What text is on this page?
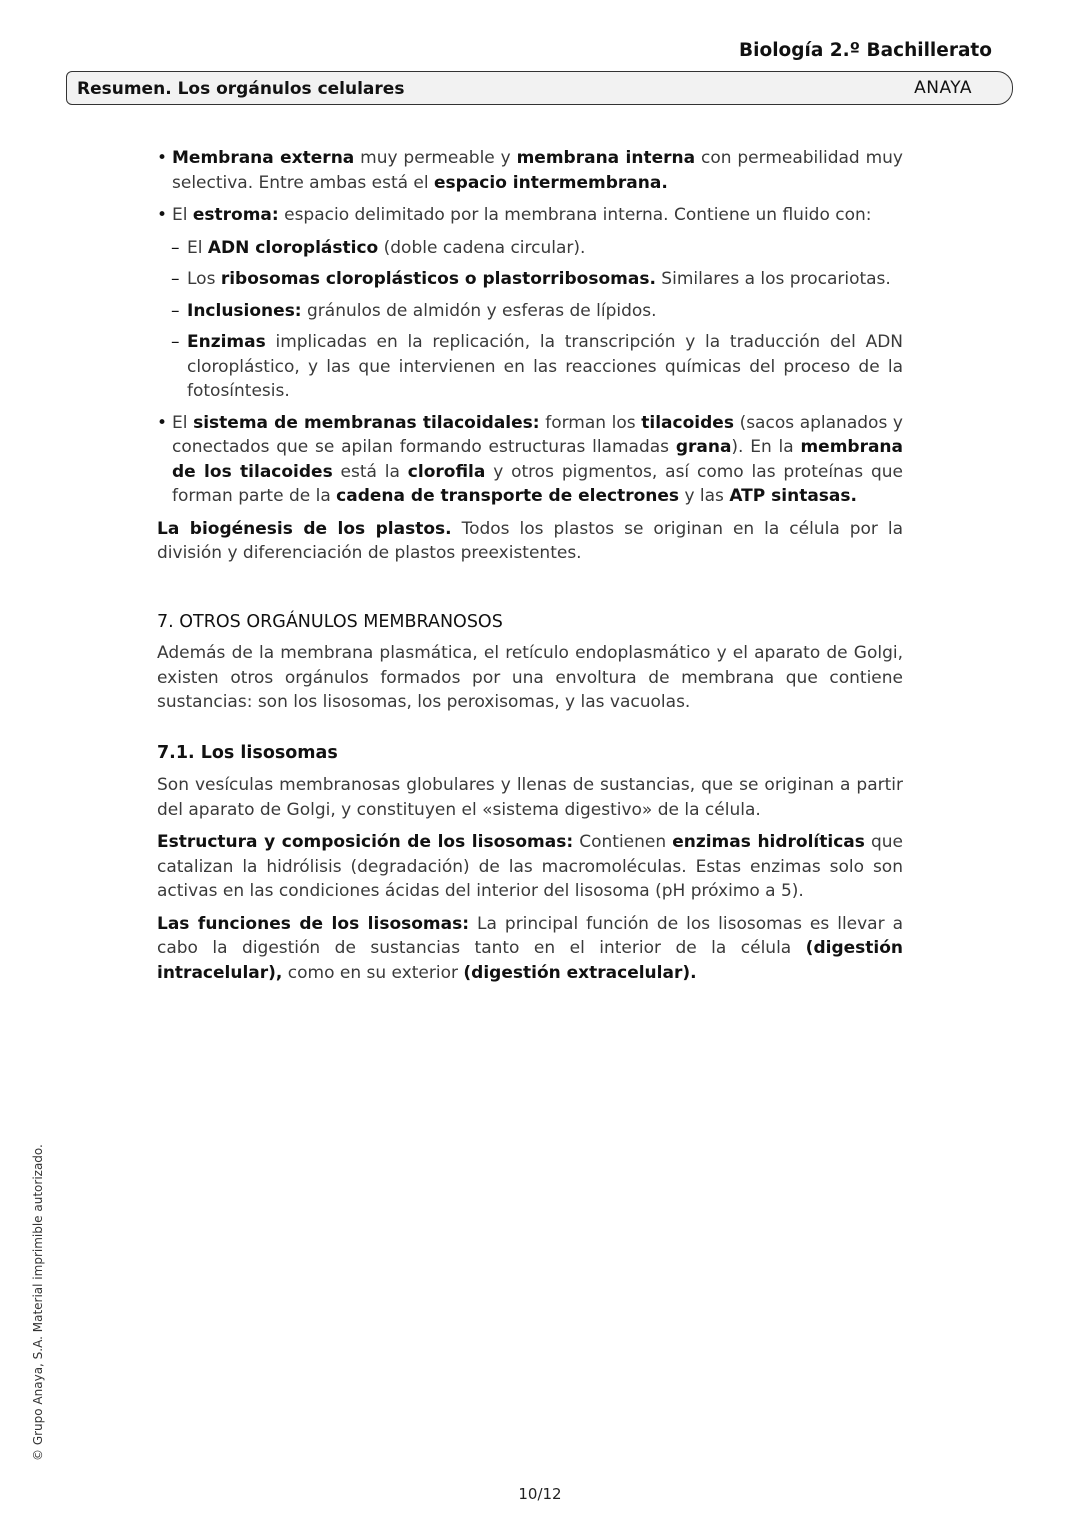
Biología 2.º Bachillerato
Resumen. Los orgánulos celulares	ANAYA
• Membrana externa muy permeable y membrana interna con permeabilidad muy selectiva. Entre ambas está el espacio intermembrana.
• El estroma: espacio delimitado por la membrana interna. Contiene un fluido con:
– El ADN cloroplástico (doble cadena circular).
– Los ribosomas cloroplásticos o plastorribosomas. Similares a los procariotas.
– Inclusiones: gránulos de almidón y esferas de lípidos.
– Enzimas implicadas en la replicación, la transcripción y la traducción del ADN cloroplástico, y las que intervienen en las reacciones químicas del proceso de la fotosíntesis.
• El sistema de membranas tilacoidales: forman los tilacoides (sacos aplanados y conectados que se apilan formando estructuras llamadas grana). En la membrana de los tilacoides está la clorofila y otros pigmentos, así como las proteínas que forman parte de la cadena de transporte de electrones y las ATP sintasas.

La biogénesis de los plastos. Todos los plastos se originan en la célula por la división y diferenciación de plastos preexistentes.

7. OTROS ORGÁNULOS MEMBRANOSOS

Además de la membrana plasmática, el retículo endoplasmático y el aparato de Golgi, existen otros orgánulos formados por una envoltura de membrana que contiene sustancias: son los lisosomas, los peroxisomas, y las vacuolas.

7.1. Los lisosomas

Son vesículas membranosas globulares y llenas de sustancias, que se originan a partir del aparato de Golgi, y constituyen el «sistema digestivo» de la célula.

Estructura y composición de los lisosomas: Contienen enzimas hidrolíticas que catalizan la hidrólisis (degradación) de las macromoléculas. Estas enzimas solo son activas en las condiciones ácidas del interior del lisosoma (pH próximo a 5).

Las funciones de los lisosomas: La principal función de los lisosomas es llevar a cabo la digestión de sustancias tanto en el interior de la célula (digestión intracelular), como en su exterior (digestión extracelular).

© Grupo Anaya, S.A. Material imprimible autorizado.
10/12
